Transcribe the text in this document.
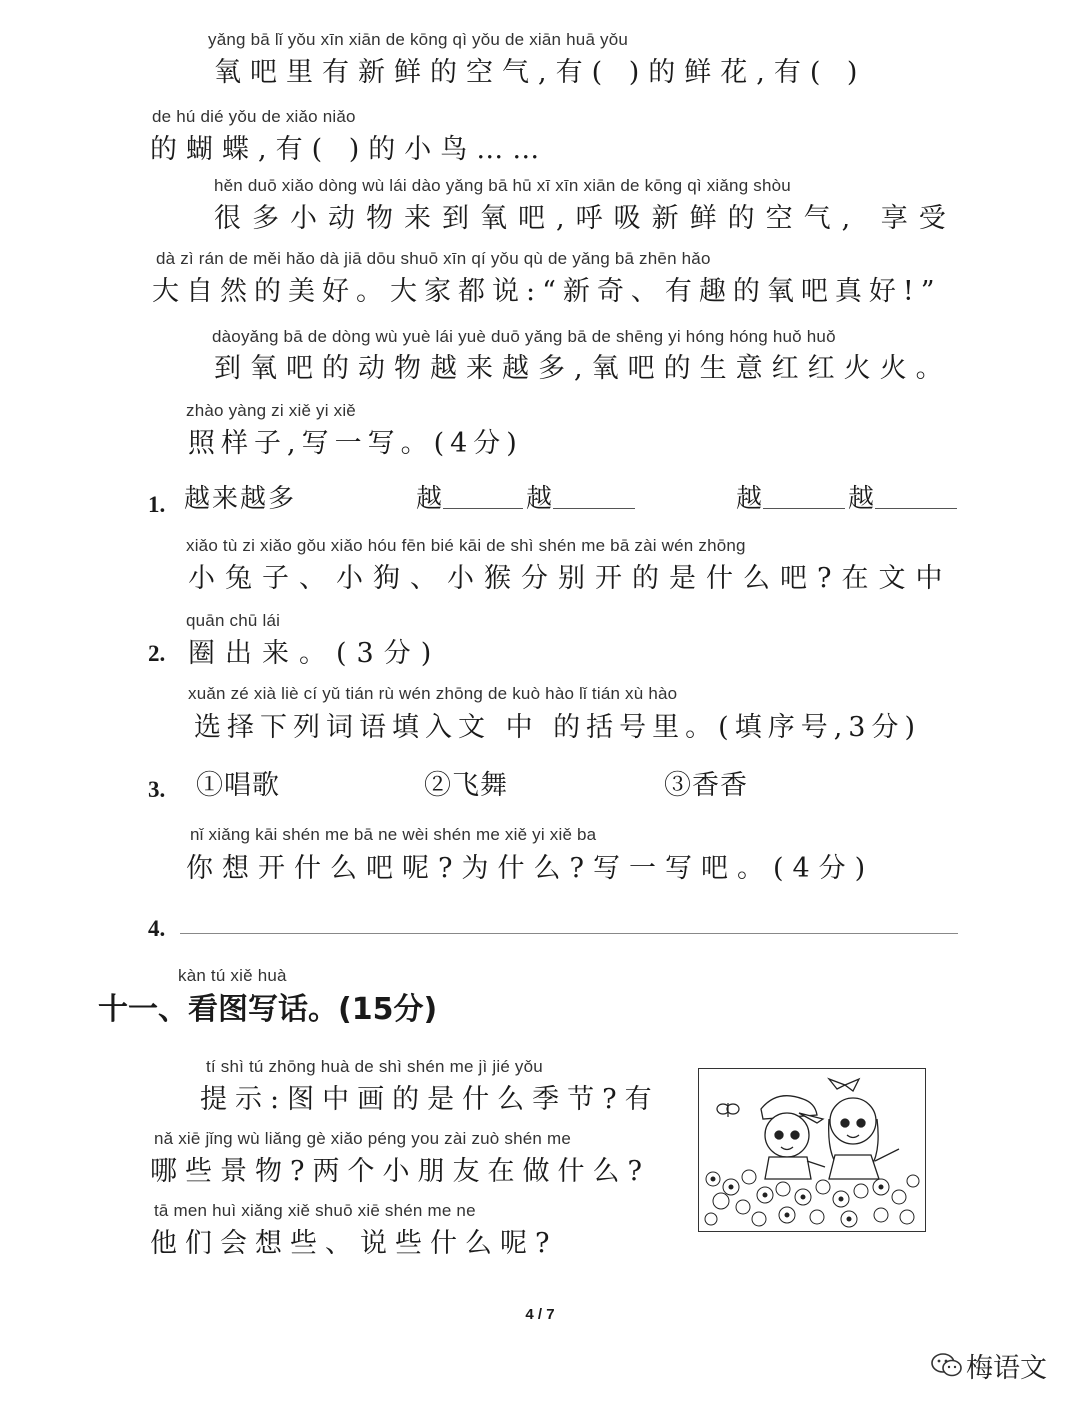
yǎng bā lǐ yǒu xīn xiān de kōng qì yǒu de xiān huā yǒu
氧吧里有新鲜的空气,有( )的鲜花,有( )
de hú dié yǒu de xiǎo niǎo
的蝴蝶,有( )的小鸟……
hěn duō xiǎo dòng wù lái dào yǎng bā hū xī xīn xiān de kōng qì xiǎng shòu
很多小动物来到氧吧,呼吸新鲜的空气, 享受
dà zì rán de měi hǎo dà jiā dōu shuō xīn qí yǒu qù de yǎng bā zhēn hǎo
大自然的美好。大家都说:“新奇、有趣的氧吧真好!”
dàoyǎng bā de dòng wù yuè lái yuè duō yǎng bā de shēng yi hóng hóng huǒ huǒ
到氧吧的动物越来越多,氧吧的生意红红火火。
zhào yàng zi xiě yi xiě
照样子,写一写。(4分)
1. 越来越多	越	越	越	越
xiǎo tù zi xiǎo gǒu xiǎo hóu fēn bié kāi de shì shén me bā zài wén zhōng
小兔子、小狗、小猴分别开的是什么吧?在文中
quān chū lái
2. 圈出来。(3分)
xuǎn zé xià liè cí yǔ tián rù wén zhōng de kuò hào lǐ tián xù hào
选择下列词语填入文 中 的括号里。(填序号,3分)
3. ①唱歌	②飞舞	③香香
nǐ xiǎng kāi shén me bā ne wèi shén me xiě yi xiě ba
你想开什么吧呢?为什么?写一写吧。(4分)
4.
kàn tú xiě huà
十一、看图写话。(15分)
tí shì tú zhōng huà de shì shén me jì jié yǒu
提示:图中画的是什么季节?有
nǎ xiē jǐng wù liǎng gè xiǎo péng you zài zuò shén me
哪些景物?两个小朋友在做什么?
tā men huì xiǎng xiě shuō xiē shén me ne
他们会想些、说些什么呢?
4 / 7
梅语文
